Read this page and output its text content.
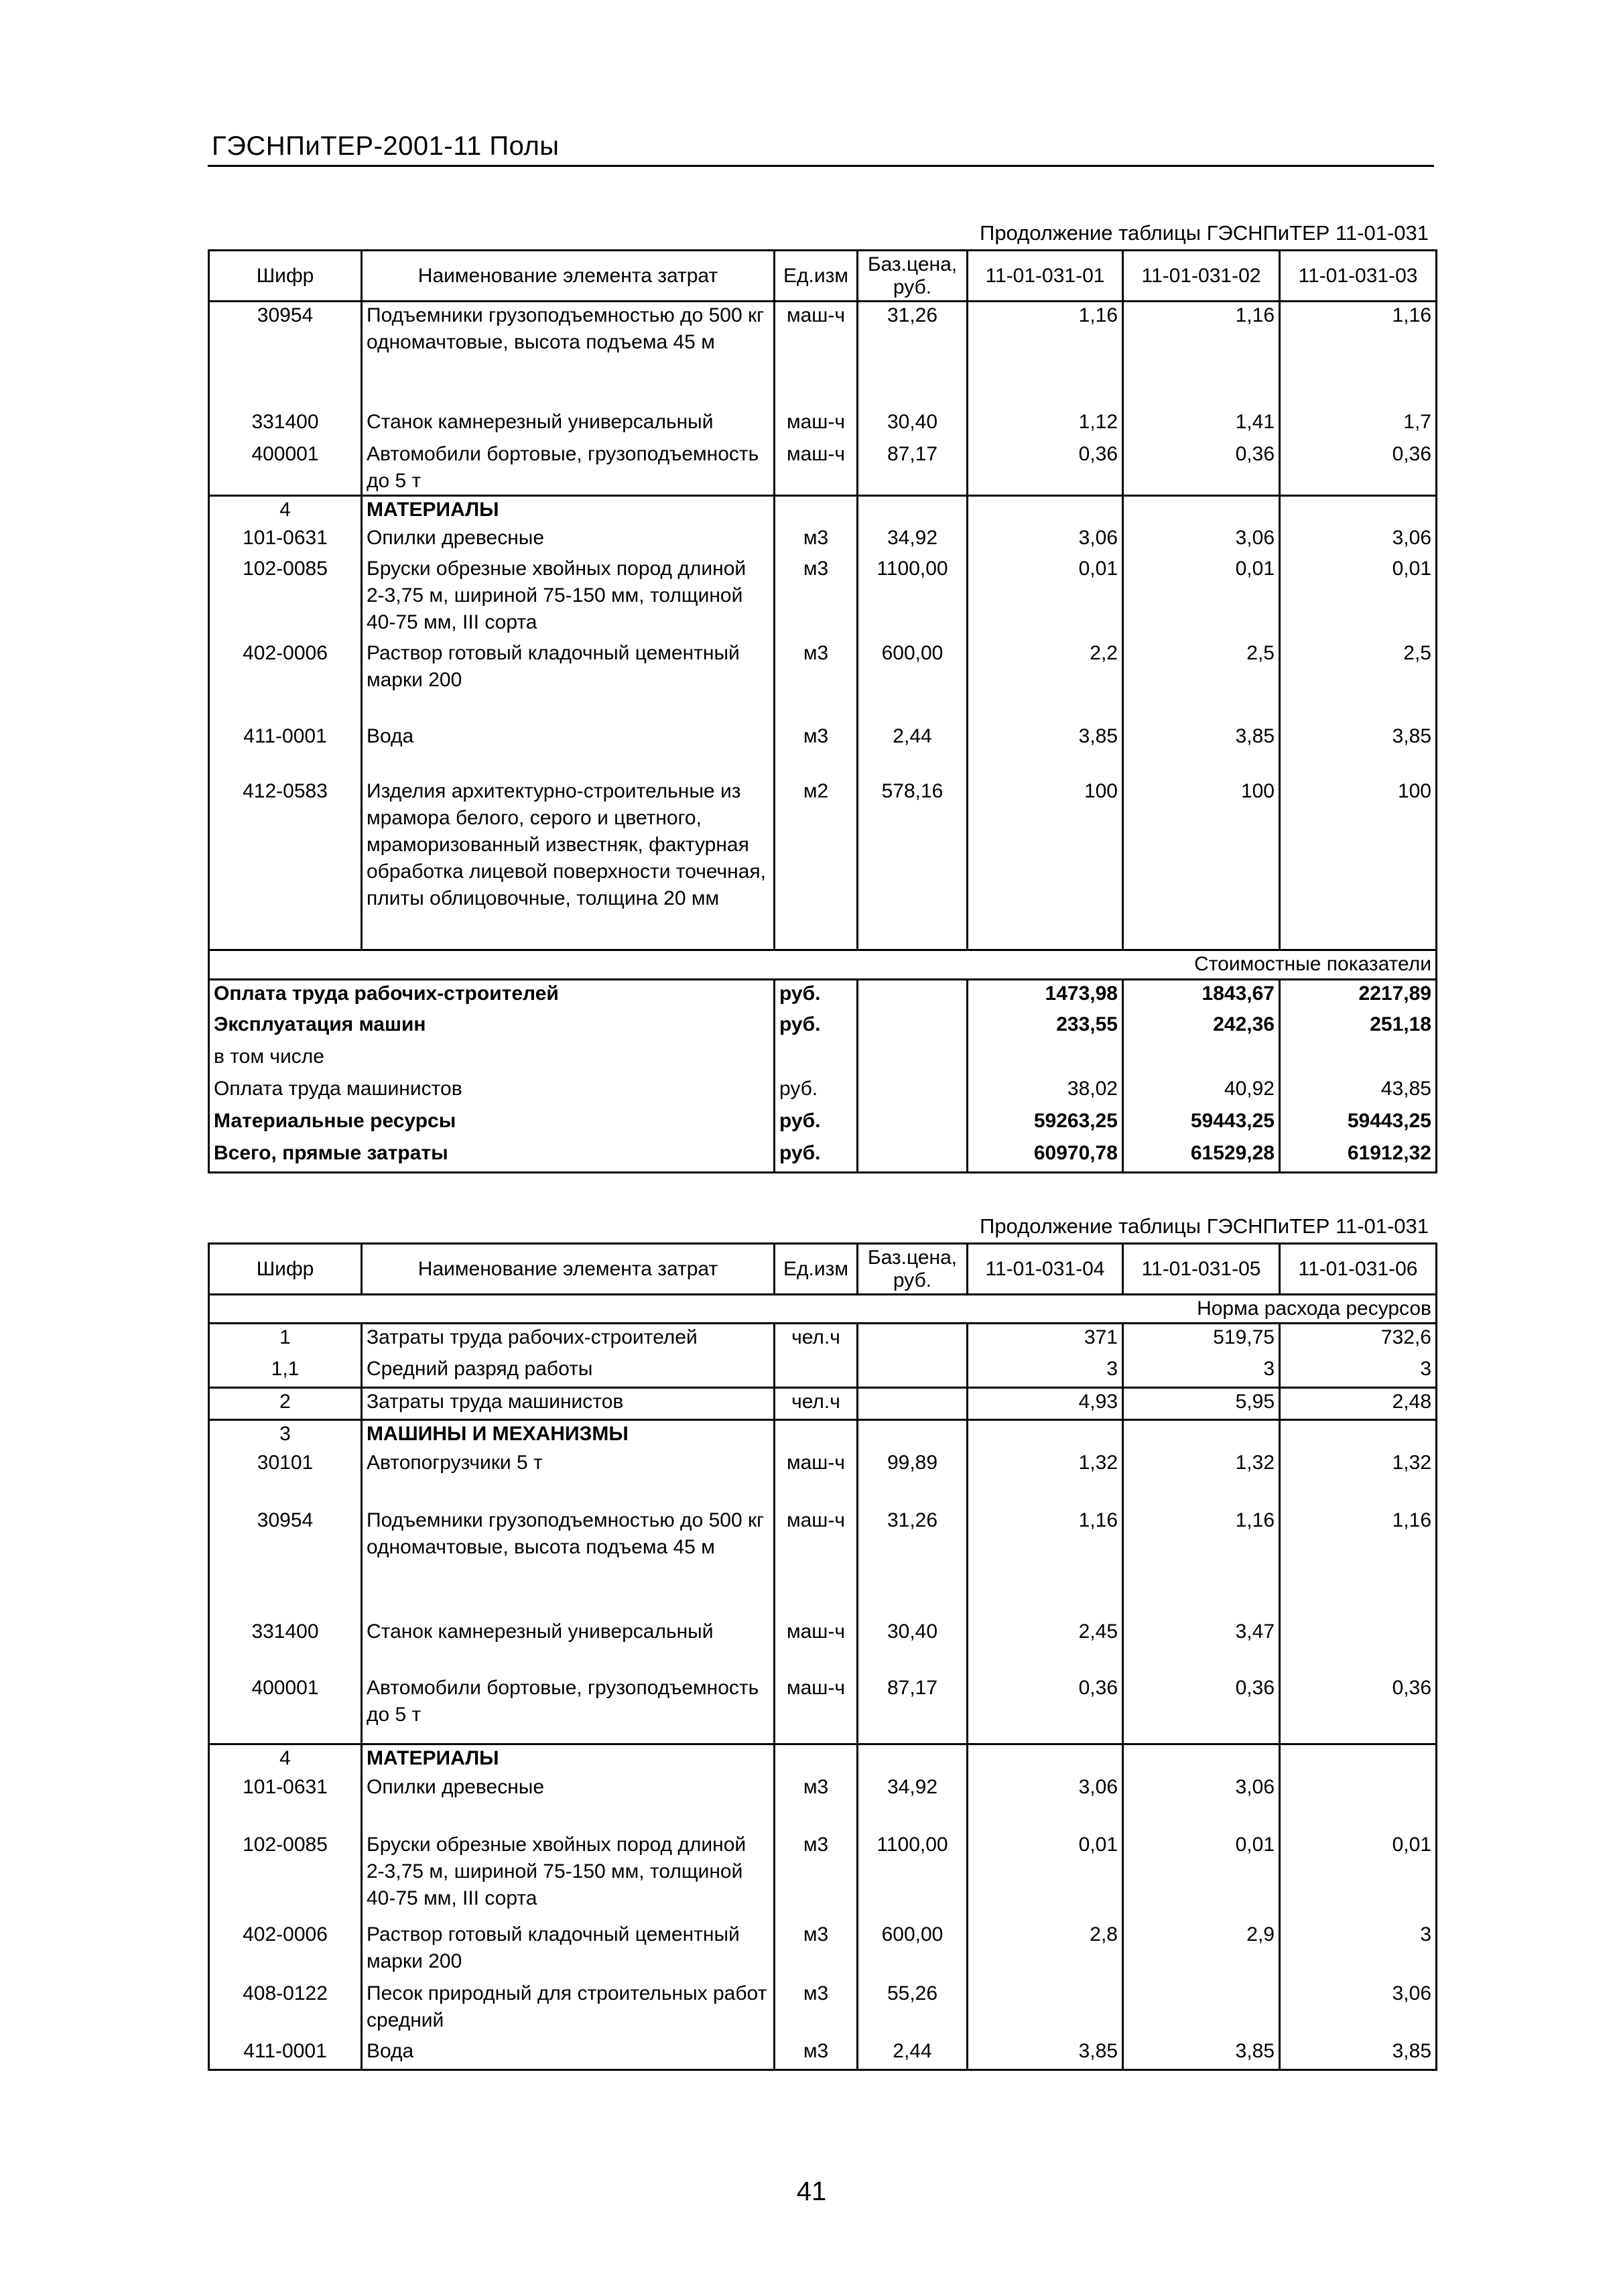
ГЭСНПиТЕР-2001-11 Полы
Продолжение таблицы ГЭСНПиТЕР 11-01-031
Шифр	Наименование элемента затрат	Ед.изм	Баз.цена, руб.	11-01-031-01	11-01-031-02	11-01-031-03
30954	Подъемники грузоподъемностью до 500 кг одномачтовые, высота подъема 45 м	маш-ч	31,26	1,16	1,16	1,16
331400	Станок камнерезный универсальный	маш-ч	30,40	1,12	1,41	1,7
400001	Автомобили бортовые, грузоподъемность до 5 т	маш-ч	87,17	0,36	0,36	0,36
4	МАТЕРИАЛЫ					
101-0631	Опилки древесные	м3	34,92	3,06	3,06	3,06
102-0085	Бруски обрезные хвойных пород длиной 2-3,75 м, шириной 75-150 мм, толщиной 40-75 мм, III сорта	м3	1100,00	0,01	0,01	0,01
402-0006	Раствор готовый кладочный цементный марки 200	м3	600,00	2,2	2,5	2,5
411-0001	Вода	м3	2,44	3,85	3,85	3,85
412-0583	Изделия архитектурно-строительные из мрамора белого, серого и цветного, мраморизованный известняк, фактурная обработка лицевой поверхности точечная, плиты облицовочные, толщина 20 мм	м2	578,16	100	100	100
Стоимостные показатели						
Оплата труда рабочих-строителей		руб.		1473,98	1843,67	2217,89
Эксплуатация машин		руб.		233,55	242,36	251,18
в том числе						
Оплата труда машинистов		руб.		38,02	40,92	43,85
Материальные ресурсы		руб.		59263,25	59443,25	59443,25
Всего, прямые затраты		руб.		60970,78	61529,28	61912,32
Продолжение таблицы ГЭСНПиТЕР 11-01-031
Шифр	Наименование элемента затрат	Ед.изм	Баз.цена, руб.	11-01-031-04	11-01-031-05	11-01-031-06
Норма расхода ресурсов						
1	Затраты труда рабочих-строителей	чел.ч		371	519,75	732,6
1,1	Средний разряд работы			3	3	3
2	Затраты труда машинистов	чел.ч		4,93	5,95	2,48
3	МАШИНЫ И МЕХАНИЗМЫ					
30101	Автопогрузчики 5 т	маш-ч	99,89	1,32	1,32	1,32
30954	Подъемники грузоподъемностью до 500 кг одномачтовые, высота подъема 45 м	маш-ч	31,26	1,16	1,16	1,16
331400	Станок камнерезный универсальный	маш-ч	30,40	2,45	3,47	
400001	Автомобили бортовые, грузоподъемность до 5 т	маш-ч	87,17	0,36	0,36	0,36
4	МАТЕРИАЛЫ					
101-0631	Опилки древесные	м3	34,92	3,06	3,06	
102-0085	Бруски обрезные хвойных пород длиной 2-3,75 м, шириной 75-150 мм, толщиной 40-75 мм, III сорта	м3	1100,00	0,01	0,01	0,01
402-0006	Раствор готовый кладочный цементный марки 200	м3	600,00	2,8	2,9	3
408-0122	Песок природный для строительных работ средний	м3	55,26			3,06
411-0001	Вода	м3	2,44	3,85	3,85	3,85
41
